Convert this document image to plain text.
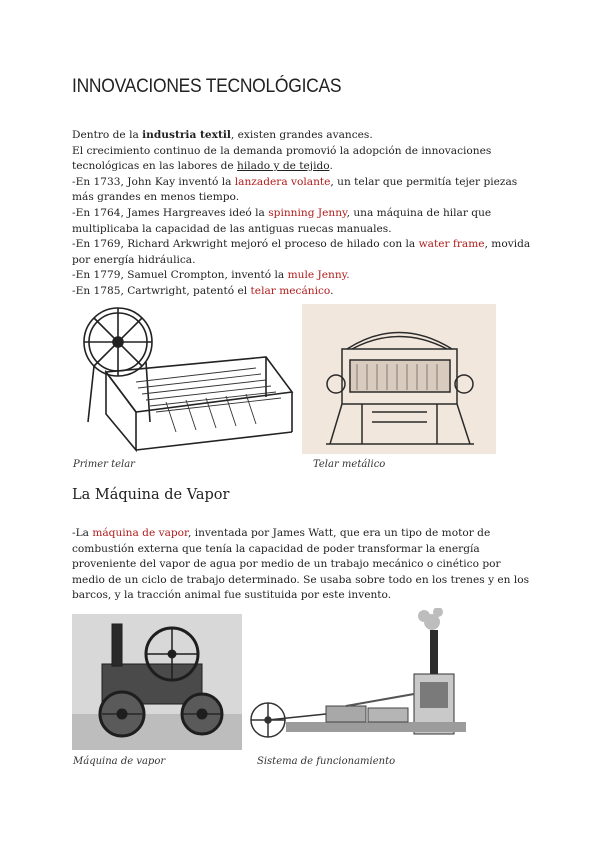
INNOVACIONES TECNOLÓGICAS

Dentro de la industria textil, existen grandes avances.

El crecimiento continuo de la demanda promovió la adopción de innovaciones tecnológicas en las labores de hilado y de tejido.

-En 1733, John Kay inventó la lanzadera volante, un telar que permitía tejer piezas más grandes en menos tiempo.

-En 1764, James Hargreaves ideó la spinning Jenny, una máquina de hilar que multiplicaba la capacidad de las antiguas ruecas manuales.

-En 1769, Richard Arkwright mejoró el proceso de hilado con la water frame, movida por energía hidráulica.

-En 1779, Samuel Crompton, inventó la mule Jenny.

-En 1785, Cartwright, patentó el telar mecánico.

Primer telar	Telar metálico
La Máquina de Vapor

-La máquina de vapor, inventada por James Watt, que era un tipo de motor de combustión externa que tenía la capacidad de poder transformar la energía proveniente del vapor de agua por medio de un trabajo mecánico o cinético por medio de un ciclo de trabajo determinado. Se usaba sobre todo en los trenes y en los barcos, y la tracción animal fue sustituida por este invento.

Máquina de vapor	Sistema de funcionamiento
